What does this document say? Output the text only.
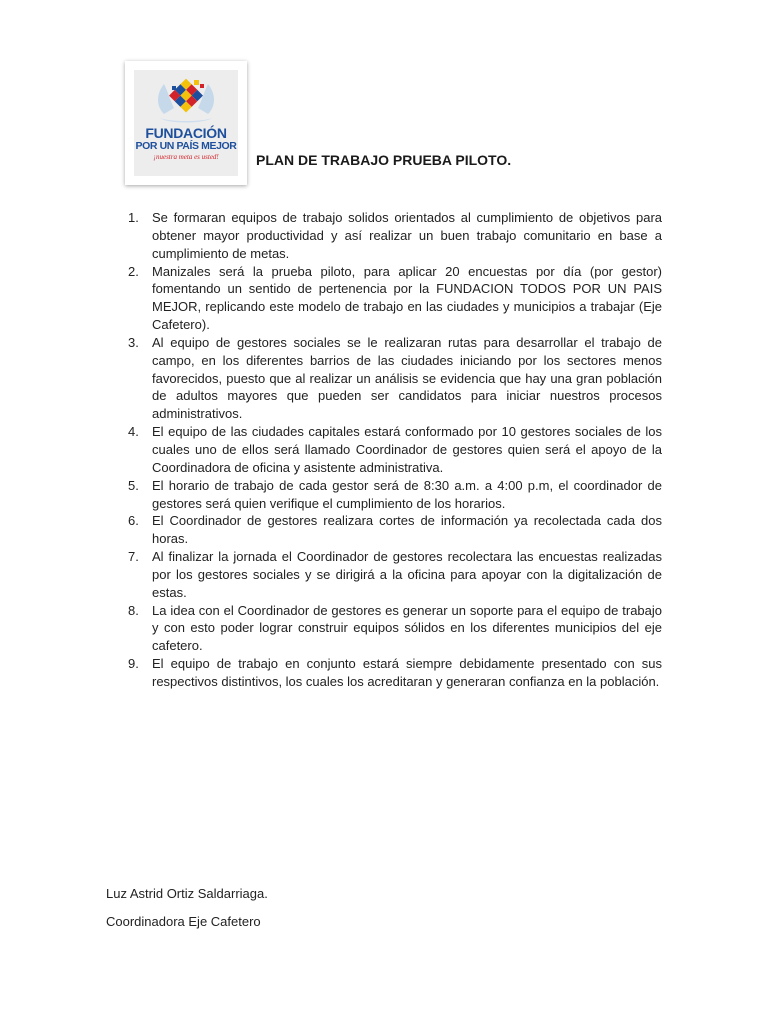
FUNDACIÓN
POR UN PAÍS MEJOR
¡nuestra meta es usted!	PLAN DE TRABAJO PRUEBA PILOTO.
1.	Se formaran equipos de trabajo solidos orientados al cumplimiento de objetivos para obtener mayor productividad y así realizar un buen trabajo comunitario en base a cumplimiento de metas.
2.	Manizales será la prueba piloto, para aplicar 20 encuestas por día (por gestor) fomentando un sentido de pertenencia por la FUNDACION TODOS POR UN PAIS MEJOR, replicando este modelo de trabajo en las ciudades y municipios a trabajar (Eje Cafetero).
3.	Al equipo de gestores sociales se le realizaran rutas para desarrollar el trabajo de campo, en los diferentes barrios de las ciudades iniciando por los sectores menos favorecidos, puesto que al realizar un análisis se evidencia que hay una gran población de adultos mayores que pueden ser candidatos para iniciar nuestros procesos administrativos.
4.	El equipo de las ciudades capitales estará conformado por 10 gestores sociales de los cuales uno de ellos será llamado Coordinador de gestores quien será el apoyo de la Coordinadora de oficina y asistente administrativa.
5.	El horario de trabajo de cada gestor será de 8:30 a.m. a 4:00 p.m, el coordinador de gestores será quien verifique el cumplimiento de los horarios.
6.	El Coordinador de gestores realizara cortes de información ya recolectada cada dos horas.
7.	Al finalizar la jornada el Coordinador de gestores recolectara las encuestas realizadas por los gestores sociales y se dirigirá a la oficina para apoyar con la digitalización de estas.
8.	La idea con el Coordinador de gestores es generar un soporte para el equipo de trabajo y con esto poder lograr construir equipos sólidos en los diferentes municipios del eje cafetero.
9.	El equipo de trabajo en conjunto estará siempre debidamente presentado con sus respectivos distintivos, los cuales los acreditaran y generaran confianza en la población.
Luz Astrid Ortiz Saldarriaga.
Coordinadora Eje Cafetero
